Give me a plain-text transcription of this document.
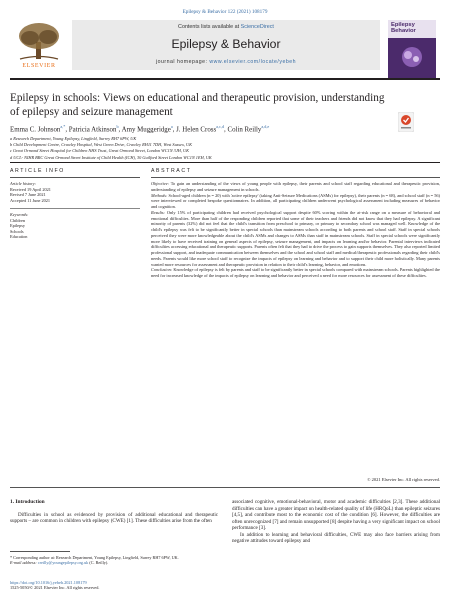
Epilepsy & Behavior 122 (2021) 108179
ELSEVIER
Contents lists available at ScienceDirect
Epilepsy & Behavior
journal homepage: www.elsevier.com/locate/yebeh
Epilepsy
Behavior
Epilepsy in schools: Views on educational and therapeutic provision, understanding of epilepsy and seizure management
Emma C. Johnson$^{a,*}$, Patricia Atkinson$^b$, Amy Muggeridge$^a$, J. Helen Cross$^{a,c,d}$, Colin Reilly$^{a,d,e}$
a Research Department, Young Epilepsy, Lingfield, Surrey RH7 6PW, UK
b Child Development Centre, Crawley Hospital, West Green Drive, Crawley RH11 7DH, West Sussex, UK
c Great Ormond Street Hospital for Children NHS Trust, Great Ormond Street, London WC1N 3JH, UK
d UCL- NIHR BRC Great Ormond Street Institute of Child Health (ICH), 30 Guilford Street London WC1N 1EH, UK
ARTICLE INFO	ABSTRACT
Article history:
Received 19 April 2021
Revised 7 June 2021
Accepted 11 June 2021
Keywords:
Children
Epilepsy
Schools
Education
Objective: To gain an understanding of the views of young people with epilepsy, their parents and school staff regarding educational and therapeutic provision, understanding of epilepsy and seizure management in schools.
Methods: School-aged children (n = 20) with 'active epilepsy' (taking Anti-Seizure Medications (ASMs) for epilepsy), their parents (n = 68), and school staff (n = 56) were interviewed or completed bespoke questionnaires. In addition, all participating children underwent psychological assessment including measures of behavior and cognition.
Results: Only 15% of participating children had received psychological support despite 60% scoring within the at-risk range on a measure of behavioral and emotional difficulties. More than half of the responding children reported that some of their teachers and friends did not know that they had epilepsy. A significant minority of parents (32%) did not feel that the child's transition from preschool to primary, or primary to secondary school was managed well. Knowledge of the child's epilepsy was felt to be significantly better in special schools than mainstream schools according to both parents and school staff. Staff in special schools perceived they were more knowledgeable about the child's ASMs and changes to ASMs than staff in mainstream schools. Staff in special schools were significantly more likely to have received training on general aspects of epilepsy, seizure management, and impacts on learning and/or behavior. Parental interviews indicated difficulties accessing educational and therapeutic supports. Parents often felt that they had to drive the process to gain supports themselves. They also reported limited professional support, and inadequate communication between themselves and the school and school staff and medical/therapeutic professionals regarding their child's needs. Parents would like more school staff to recognize the impacts of epilepsy on learning and behavior and to support their child more holistically. Many parents wanted more resources for assessment and therapeutic provision in relation to their child's learning, behavior, and emotions.
Conclusion: Knowledge of epilepsy is felt by parents and staff to be significantly better in special schools compared with mainstream schools. Parents highlighted the need for increased knowledge of the impacts of epilepsy on learning and behavior and perceived a need for more resources for assessment of these difficulties.
© 2021 Elsevier Inc. All rights reserved.
1. Introduction
Difficulties in school as evidenced by provision of additional educational and therapeutic supports – are common in children with epilepsy (CWE) [1]. These difficulties arise from the often
associated cognitive, emotional-behavioral, motor and academic difficulties [2,3]. These additional difficulties can have a greater impact on health-related quality of life (HRQoL) than epileptic seizures [4,5], and contribute most to the economic cost of the condition [6]. However, the difficulties are often unrecognized [7] and remain unsupported [8] despite having a very significant impact on school performance [3].
In addition to learning and behavioral difficulties, CWE may also face barriers arising from negative attitudes toward epilepsy and
* Corresponding author at: Research Department, Young Epilepsy, Lingfield, Surrey RH7 6PW, UK.
E-mail address: creilly@youngepilepsy.org.uk (C. Reilly).
https://doi.org/10.1016/j.yebeh.2021.108179
1525-5050/© 2021 Elsevier Inc. All rights reserved.
